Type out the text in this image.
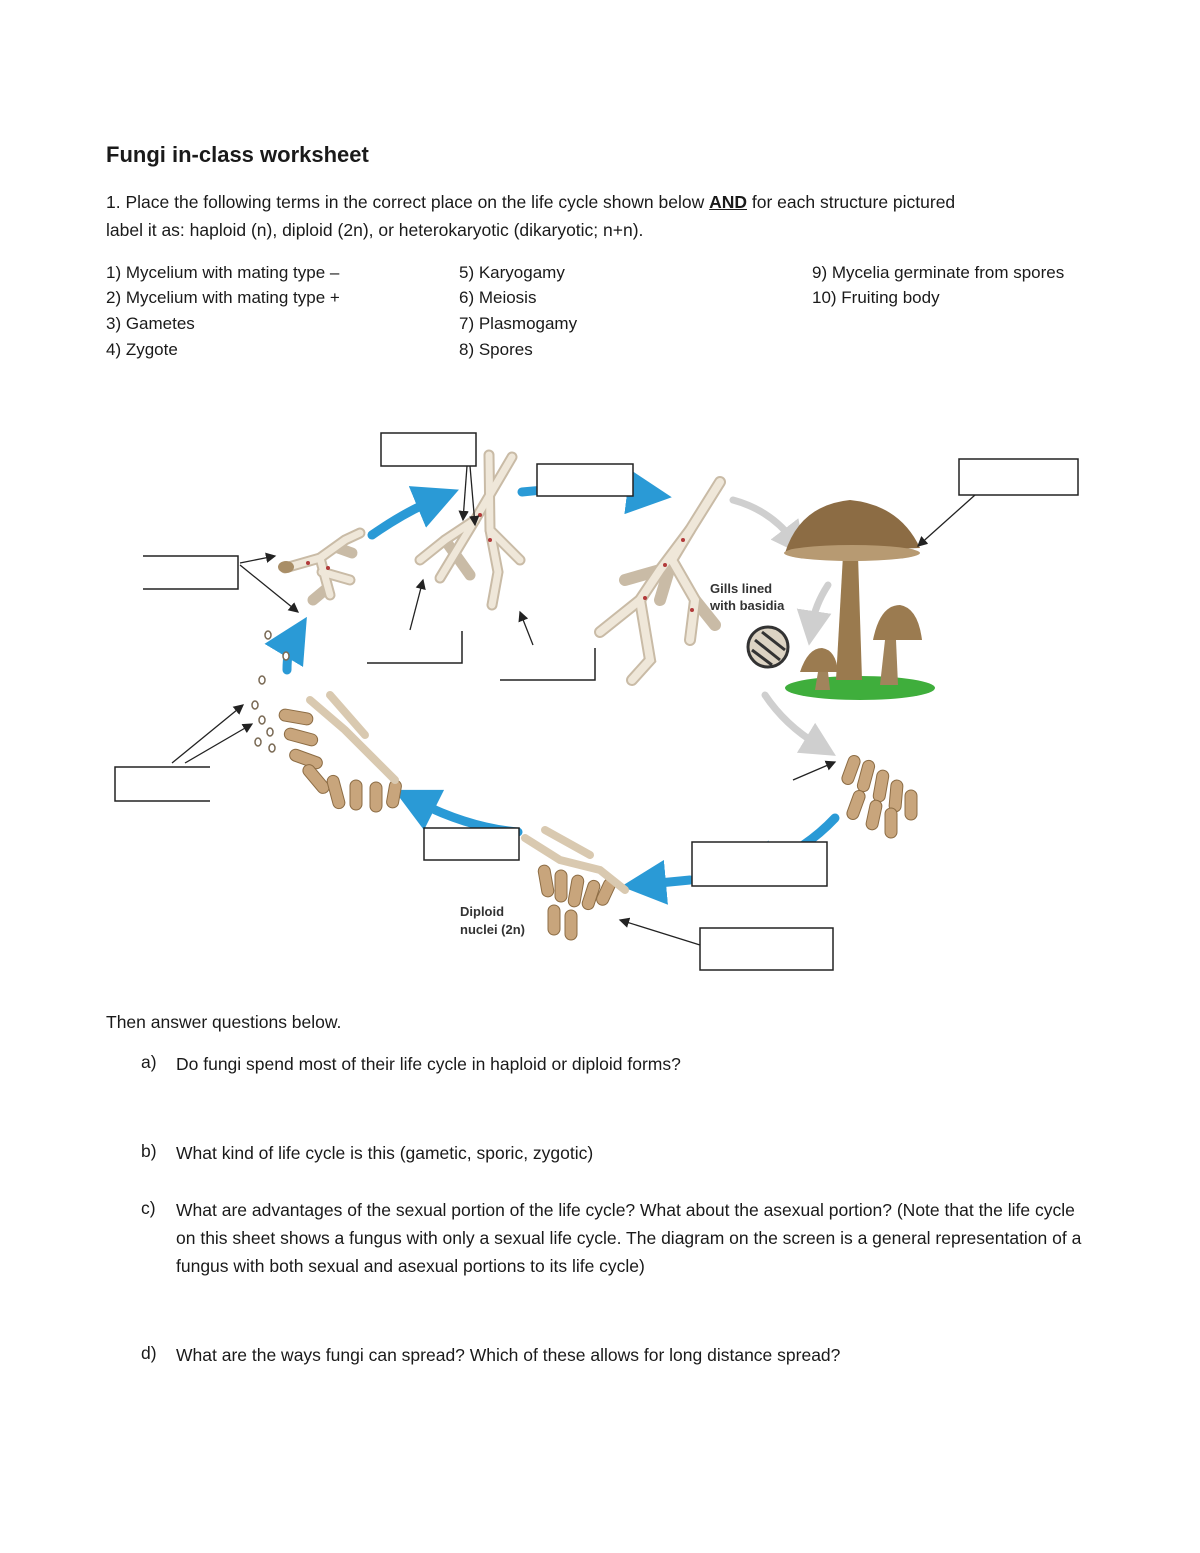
Fungi in-class worksheet
1. Place the following terms in the correct place on the life cycle shown below AND for each structure pictured
label it as: haploid (n), diploid (2n), or heterokaryotic (dikaryotic; n+n).
1) Mycelium with mating type –
2) Mycelium with mating type +
3) Gametes
4) Zygote
5) Karyogamy
6) Meiosis
7) Plasmogamy
8) Spores
9) Mycelia germinate from spores
10) Fruiting body
Gills lined
with basidia
Diploid
nuclei (2n)
Then answer questions below.
a) Do fungi spend most of their life cycle in haploid or diploid forms?
b) What kind of life cycle is this (gametic, sporic, zygotic)
c) What are advantages of the sexual portion of the life cycle? What about the asexual portion? (Note that the life cycle on this sheet shows a fungus with only a sexual life cycle. The diagram on the screen is a general representation of a fungus with both sexual and asexual portions to its life cycle)
d) What are the ways fungi can spread? Which of these allows for long distance spread?
